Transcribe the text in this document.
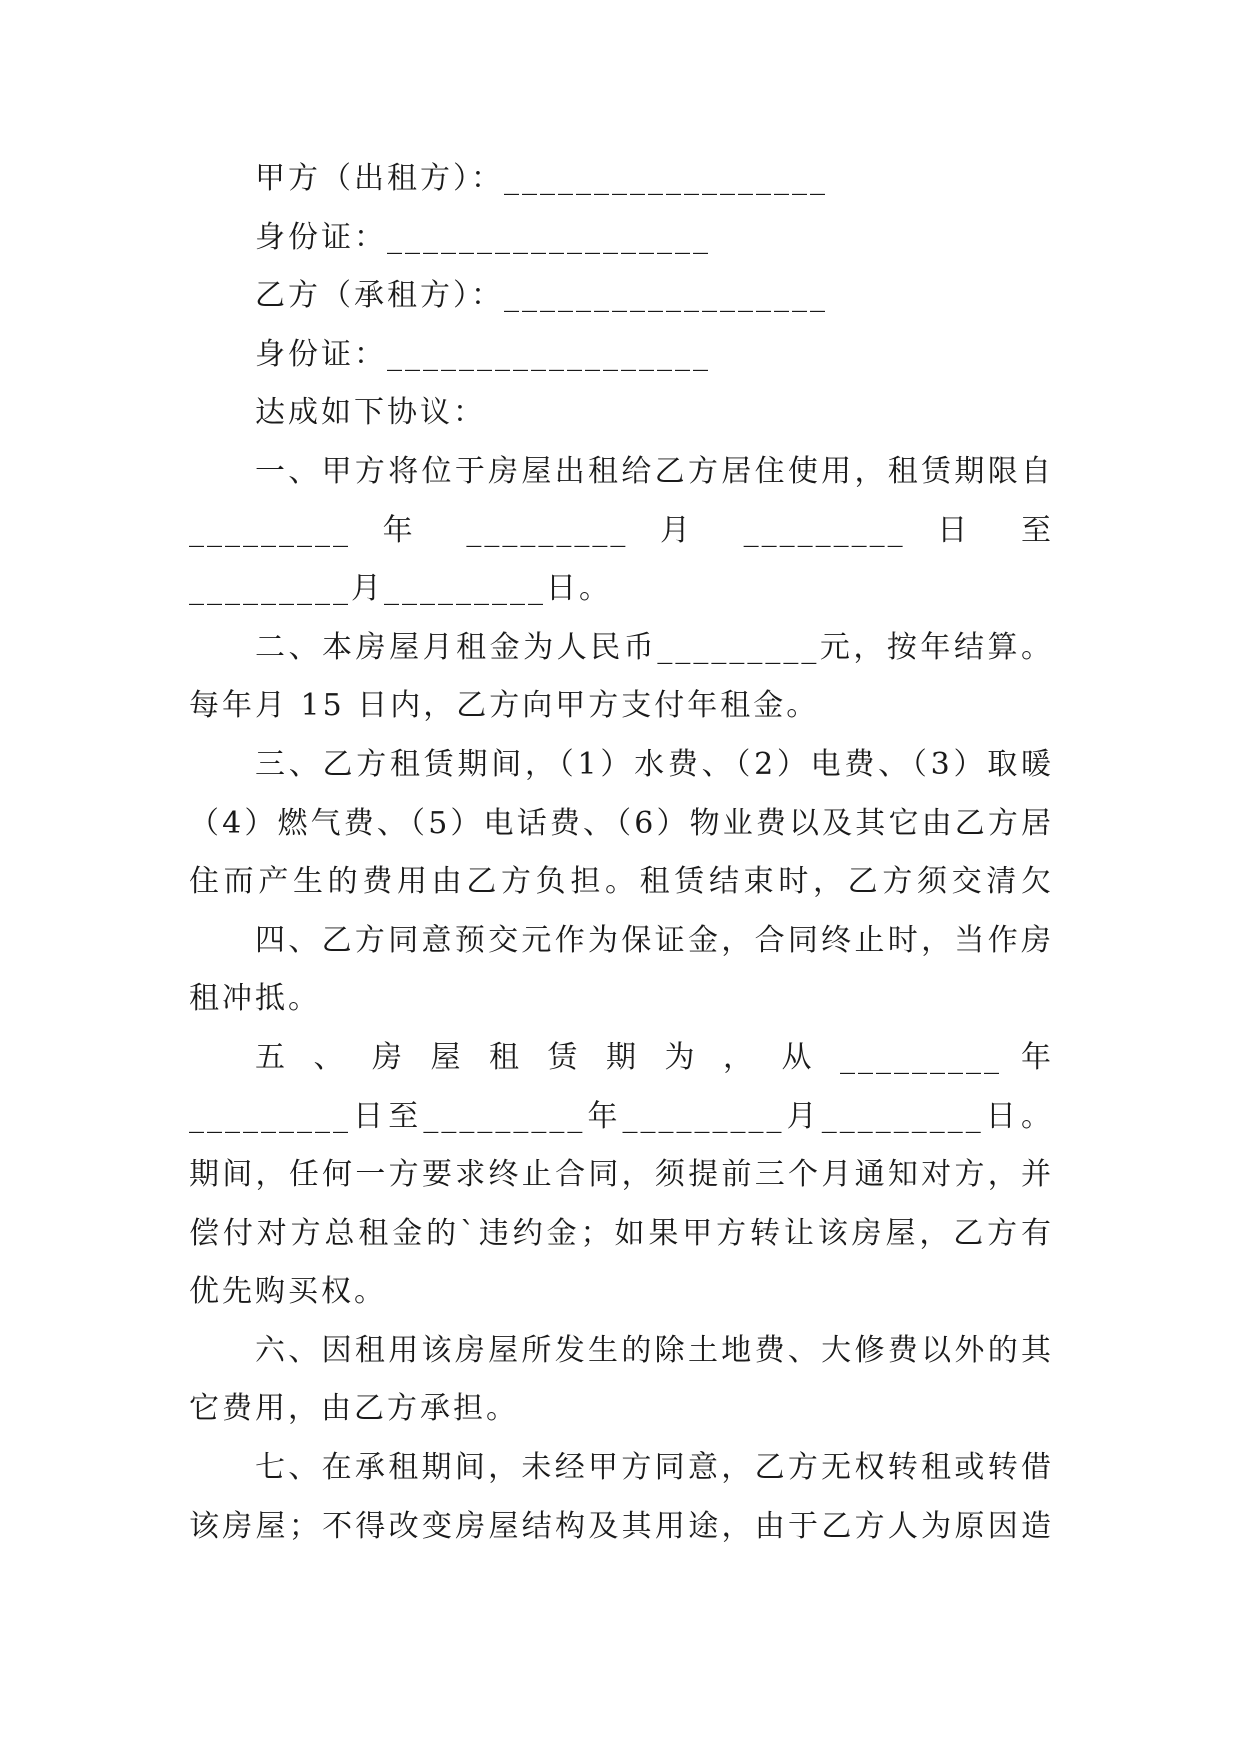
甲方（出租方）：__________________
身份证：__________________
乙方（承租方）：__________________
身份证：__________________
达成如下协议：
一、甲方将位于房屋出租给乙方居住使用，租赁期限自
_________ 年 _________ 月 _________ 日 至
_________月_________日。
二、本房屋月租金为人民币_________元，按年结算。
每年月 15 日内，乙方向甲方支付年租金。
三、乙方租赁期间，（1）水费、（2）电费、（3）取暖
（4）燃气费、（5）电话费、（6）物业费以及其它由乙方居
住而产生的费用由乙方负担。租赁结束时，乙方须交清欠
四、乙方同意预交元作为保证金，合同终止时，当作房
租冲抵。
五 、 房 屋 租 赁 期 为 ， 从 _________ 年
_________日至_________年_________月_________日。
期间，任何一方要求终止合同，须提前三个月通知对方，并
偿付对方总租金的`违约金；如果甲方转让该房屋，乙方有
优先购买权。
六、因租用该房屋所发生的除土地费、大修费以外的其
它费用，由乙方承担。
七、在承租期间，未经甲方同意，乙方无权转租或转借
该房屋；不得改变房屋结构及其用途，由于乙方人为原因造
